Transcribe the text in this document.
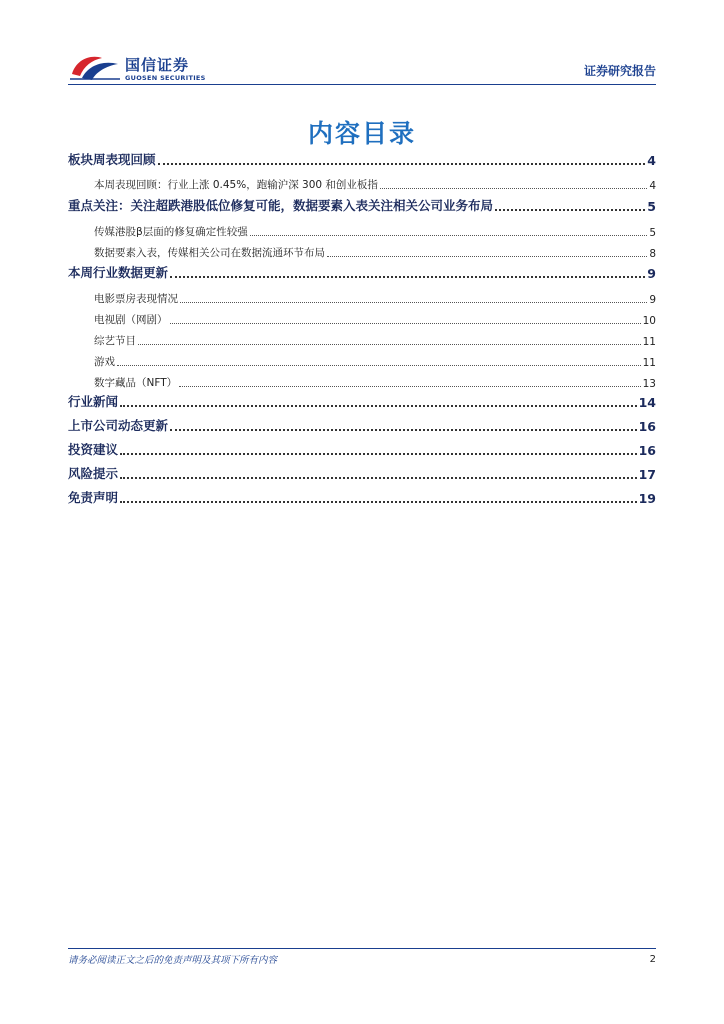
国信证券
GUOSEN SECURITIES	证券研究报告
内容目录
板块周表现回顾	4
本周表现回顾：行业上涨 0.45%，跑输沪深 300 和创业板指	4
重点关注：关注超跌港股低位修复可能，数据要素入表关注相关公司业务布局	5
传媒港股β层面的修复确定性较强	5
数据要素入表，传媒相关公司在数据流通环节布局	8
本周行业数据更新	9
电影票房表现情况	9
电视剧（网剧）	10
综艺节目	11
游戏	11
数字藏品（NFT）	13
行业新闻	14
上市公司动态更新	16
投资建议	16
风险提示	17
免责声明	19
请务必阅读正文之后的免责声明及其项下所有内容	2
